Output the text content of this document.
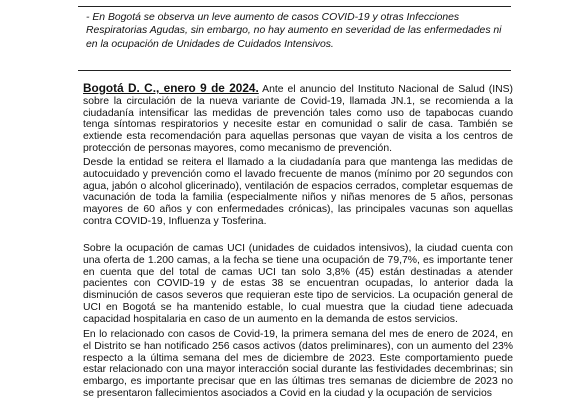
- En Bogotá se observa un leve aumento de casos COVID-19 y otras Infecciones Respiratorias Agudas, sin embargo, no hay aumento en severidad de las enfermedades ni en la ocupación de Unidades de Cuidados Intensivos.

Bogotá D. C., enero 9 de 2024. Ante el anuncio del Instituto Nacional de Salud (INS) sobre la circulación de la nueva variante de Covid-19, llamada JN.1, se recomienda a la ciudadanía intensificar las medidas de prevención tales como uso de tapabocas cuando tenga síntomas respiratorios y necesite estar en comunidad o salir de casa. También se extiende esta recomendación para aquellas personas que vayan de visita a los centros de protección de personas mayores, como mecanismo de prevención.

Desde la entidad se reitera el llamado a la ciudadanía para que mantenga las medidas de autocuidado y prevención como el lavado frecuente de manos (mínimo por 20 segundos con agua, jabón o alcohol glicerinado), ventilación de espacios cerrados, completar esquemas de vacunación de toda la familia (especialmente niños y niñas menores de 5 años, personas mayores de 60 años y con enfermedades crónicas), las principales vacunas son aquellas contra COVID-19, Influenza y Tosferina.

Sobre la ocupación de camas UCI (unidades de cuidados intensivos), la ciudad cuenta con una oferta de 1.200 camas, a la fecha se tiene una ocupación de 79,7%, es importante tener en cuenta que del total de camas UCI tan solo 3,8% (45) están destinadas a atender pacientes con COVID-19 y de estas 38 se encuentran ocupadas, lo anterior dada la disminución de casos severos que requieran este tipo de servicios. La ocupación general de UCI en Bogotá se ha mantenido estable, lo cual muestra que la ciudad tiene adecuada capacidad hospitalaria en caso de un aumento en la demanda de estos servicios.

En lo relacionado con casos de Covid-19, la primera semana del mes de enero de 2024, en el Distrito se han notificado 256 casos activos (datos preliminares), con un aumento del 23% respecto a la última semana del mes de diciembre de 2023. Este comportamiento puede estar relacionado con una mayor interacción social durante las festividades decembrinas; sin embargo, es importante precisar que en las últimas tres semanas de diciembre de 2023 no se presentaron fallecimientos asociados a Covid en la ciudad y la ocupación de servicios
